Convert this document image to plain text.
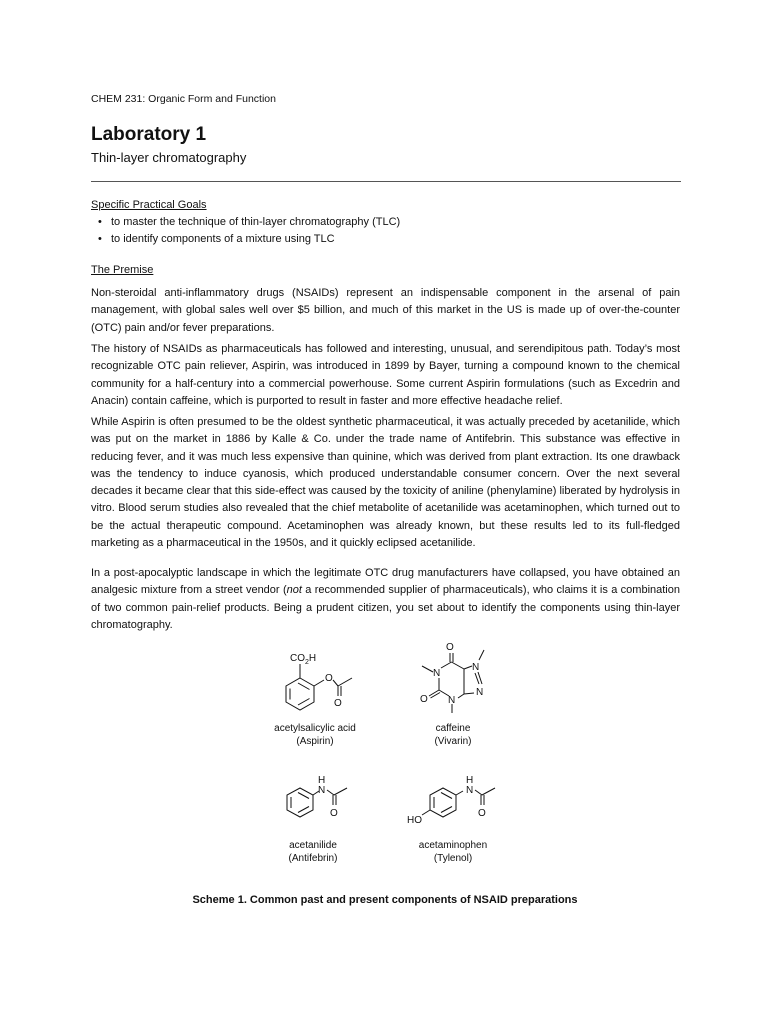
CHEM 231: Organic Form and Function
Laboratory 1
Thin-layer chromatography
Specific Practical Goals
• to master the technique of thin-layer chromatography (TLC)
• to identify components of a mixture using TLC
The Premise

Non-steroidal anti-inflammatory drugs (NSAIDs) represent an indispensable component in the arsenal of pain management, with global sales well over $5 billion, and much of this market in the US is made up of over-the-counter (OTC) pain and/or fever preparations.

The history of NSAIDs as pharmaceuticals has followed and interesting, unusual, and serendipitous path. Today’s most recognizable OTC pain reliever, Aspirin, was introduced in 1899 by Bayer, turning a compound known to the chemical community for a half-century into a commercial powerhouse. Some current Aspirin formulations (such as Excedrin and Anacin) contain caffeine, which is purported to result in faster and more effective headache relief.

While Aspirin is often presumed to be the oldest synthetic pharmaceutical, it was actually preceded by acetanilide, which was put on the market in 1886 by Kalle & Co. under the trade name of Antifebrin. This substance was effective in reducing fever, and it was much less expensive than quinine, which was derived from plant extraction. Its one drawback was the tendency to induce cyanosis, which produced understandable consumer concern. Over the next several decades it became clear that this side-effect was caused by the toxicity of aniline (phenylamine) liberated by hydrolysis in vitro. Blood serum studies also revealed that the chief metabolite of acetanilide was acetaminophen, which turned out to be the actual therapeutic compound. Acetaminophen was already known, but these results led to its full-fledged marketing as a pharmaceutical in the 1950s, and it quickly eclipsed acetanilide.

In a post-apocalyptic landscape in which the legitimate OTC drug manufacturers have collapsed, you have obtained an analgesic mixture from a street vendor (not a recommended supplier of pharmaceuticals), who claims it is a combination of two common pain-relief products. Being a prudent citizen, you set about to identify the components using thin-layer chromatography.

$CO_2H$
O
O
acetylsalicylic acid
(Aspirin)
O
N
N
O
N
N
caffeine
(Vivarin)
H
N
O
acetanilide
(Antifebrin)
HO
H
N
O
acetaminophen
(Tylenol)
Scheme 1. Common past and present components of NSAID preparations
